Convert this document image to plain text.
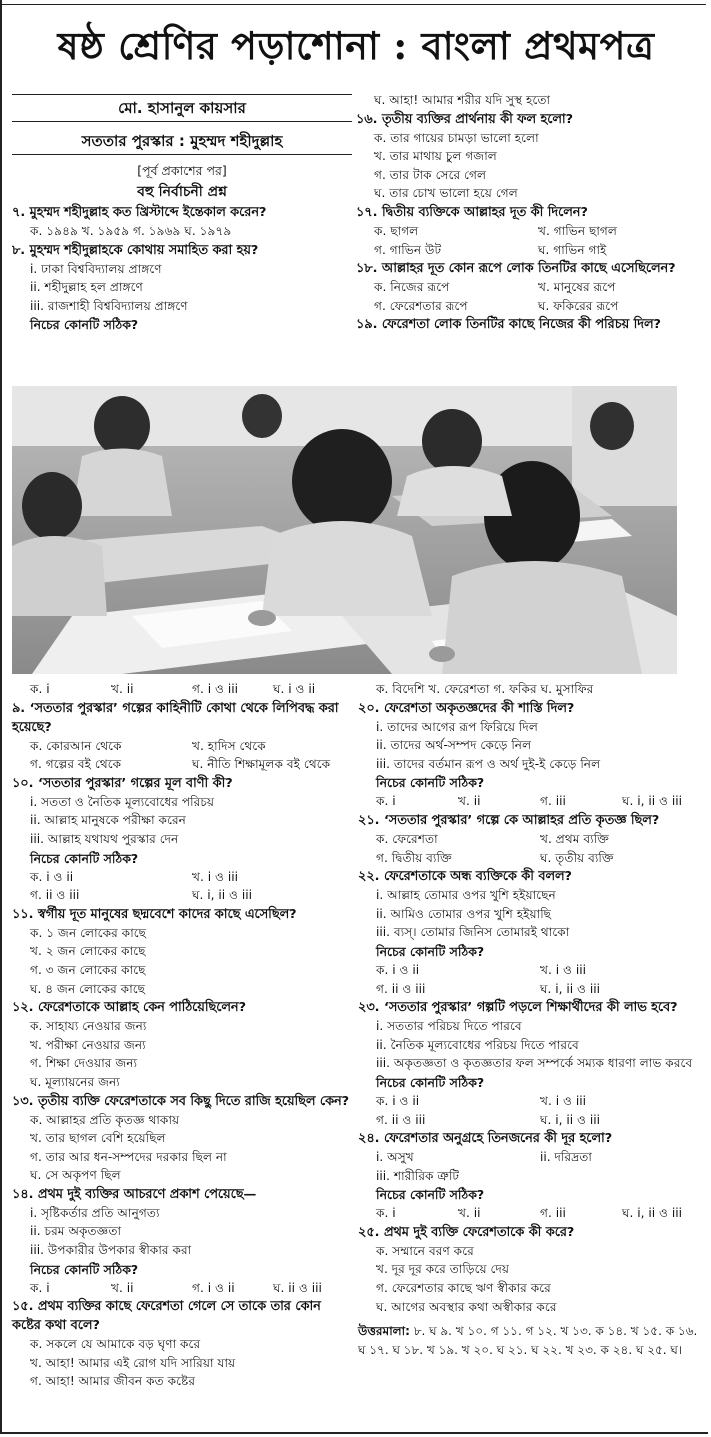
ষষ্ঠ শ্রেণির পড়াশোনা : বাংলা প্রথমপত্র
মো. হাসানুল কায়সার
সততার পুরস্কার : মুহম্মদ শহীদুল্লাহ
[পূর্ব প্রকাশের পর]
বহু নির্বাচনী প্রশ্ন
৭. মুহম্মদ শহীদুল্লাহ কত খ্রিস্টাব্দে ইন্তেকাল করেন?
ক. ১৯৪৯ খ. ১৯৫৯ গ. ১৯৬৯ ঘ. ১৯৭৯
৮. মুহম্মদ শহীদুল্লাহকে কোথায় সমাহিত করা হয়?
i. ঢাকা বিশ্ববিদ্যালয় প্রাঙ্গণে
ii. শহীদুল্লাহ হল প্রাঙ্গণে
iii. রাজশাহী বিশ্ববিদ্যালয় প্রাঙ্গণে
নিচের কোনটি সঠিক?
ঘ. আহা! আমার শরীর যদি সুস্থ হতো
১৬. তৃতীয় ব্যক্তির প্রার্থনায় কী ফল হলো?
ক. তার গায়ের চামড়া ভালো হলো
খ. তার মাথায় চুল গজাল
গ. তার টাক সেরে গেল
ঘ. তার চোখ ভালো হয়ে গেল
১৭. দ্বিতীয় ব্যক্তিকে আল্লাহর দূত কী দিলেন?
ক. ছাগল	খ. গাভিন ছাগল
গ. গাভিন উট	ঘ. গাভিন গাই
১৮. আল্লাহর দূত কোন রূপে লোক তিনটির কাছে এসেছিলেন?
ক. নিজের রূপে	খ. মানুষের রূপে
গ. ফেরেশতার রূপে	ঘ. ফকিরের রূপে
১৯. ফেরেশতা লোক তিনটির কাছে নিজের কী পরিচয় দিল?
ক. i	খ. ii	গ. i ও iii	ঘ. i ও ii
৯. ‘সততার পুরস্কার’ গল্পের কাহিনীটি কোথা থেকে লিপিবদ্ধ করা হয়েছে?
ক. কোরআন থেকে	খ. হাদিস থেকে
গ. গল্পের বই থেকে	ঘ. নীতি শিক্ষামূলক বই থেকে
১০. ‘সততার পুরস্কার’ গল্পের মূল বাণী কী?
i. সততা ও নৈতিক মূল্যবোধের পরিচয়
ii. আল্লাহ মানুষকে পরীক্ষা করেন
iii. আল্লাহ যথাযথ পুরস্কার দেন
নিচের কোনটি সঠিক?
ক. i ও ii	খ. i ও iii
গ. ii ও iii	ঘ. i, ii ও iii
১১. স্বর্গীয় দূত মানুষের ছদ্মবেশে কাদের কাছে এসেছিল?
ক. ১ জন লোকের কাছে
খ. ২ জন লোকের কাছে
গ. ৩ জন লোকের কাছে
ঘ. ৪ জন লোকের কাছে
১২. ফেরেশতাকে আল্লাহ কেন পাঠিয়েছিলেন?
ক. সাহায্য নেওয়ার জন্য
খ. পরীক্ষা নেওয়ার জন্য
গ. শিক্ষা দেওয়ার জন্য
ঘ. মূল্যায়নের জন্য
১৩. তৃতীয় ব্যক্তি ফেরেশতাকে সব কিছু দিতে রাজি হয়েছিল কেন?
ক. আল্লাহর প্রতি কৃতজ্ঞ থাকায়
খ. তার ছাগল বেশি হয়েছিল
গ. তার আর ধন-সম্পদের দরকার ছিল না
ঘ. সে অকৃপণ ছিল
১৪. প্রথম দুই ব্যক্তির আচরণে প্রকাশ পেয়েছে—
i. সৃষ্টিকর্তার প্রতি আনুগত্য
ii. চরম অকৃতজ্ঞতা
iii. উপকারীর উপকার স্বীকার করা
নিচের কোনটি সঠিক?
ক. i	খ. ii	গ. i ও ii	ঘ. ii ও iii
১৫. প্রথম ব্যক্তির কাছে ফেরেশতা গেলে সে তাকে তার কোন কষ্টের কথা বলে?
ক. সকলে যে আমাকে বড় ঘৃণা করে
খ. আহা! আমার এই রোগ যদি সারিয়া যায়
গ. আহা! আমার জীবন কত কষ্টের
ক. বিদেশি খ. ফেরেশতা গ. ফকির ঘ. মুসাফির
২০. ফেরেশতা অকৃতজ্ঞদের কী শাস্তি দিল?
i. তাদের আগের রূপ ফিরিয়ে দিল
ii. তাদের অর্থ-সম্পদ কেড়ে নিল
iii. তাদের বর্তমান রূপ ও অর্থ দুই-ই কেড়ে নিল
নিচের কোনটি সঠিক?
ক. i	খ. ii	গ. iii	ঘ. i, ii ও iii
২১. ‘সততার পুরস্কার’ গল্পে কে আল্লাহর প্রতি কৃতজ্ঞ ছিল?
ক. ফেরেশতা	খ. প্রথম ব্যক্তি
গ. দ্বিতীয় ব্যক্তি	ঘ. তৃতীয় ব্যক্তি
২২. ফেরেশতাকে অন্ধ ব্যক্তিকে কী বলল?
i. আল্লাহ তোমার ওপর খুশি হইয়াছেন
ii. আমিও তোমার ওপর খুশি হইয়াছি
iii. ব্যস্। তোমার জিনিস তোমারই থাকো
নিচের কোনটি সঠিক?
ক. i ও ii	খ. i ও iii
গ. ii ও iii	ঘ. i, ii ও iii
২৩. ‘সততার পুরস্কার’ গল্পটি পড়লে শিক্ষার্থীদের কী লাভ হবে?
i. সততার পরিচয় দিতে পারবে
ii. নৈতিক মূল্যবোধের পরিচয় দিতে পারবে
iii. অকৃতজ্ঞতা ও কৃতজ্ঞতার ফল সম্পর্কে সম্যক ধারণা লাভ করবে
নিচের কোনটি সঠিক?
ক. i ও ii	খ. i ও iii
গ. ii ও iii	ঘ. i, ii ও iii
২৪. ফেরেশতার অনুগ্রহে তিনজনের কী দূর হলো?
i. অসুখ	ii. দরিদ্রতা
iii. শারীরিক ত্রুটি
নিচের কোনটি সঠিক?
ক. i	খ. ii	গ. iii	ঘ. i, ii ও iii
২৫. প্রথম দুই ব্যক্তি ফেরেশতাকে কী করে?
ক. সম্মানে বরণ করে
খ. দূর দূর করে তাড়িয়ে দেয়
গ. ফেরেশতার কাছে ঋণ স্বীকার করে
ঘ. আগের অবস্থার কথা অস্বীকার করে
উত্তরমালা: ৮. ঘ ৯. খ ১০. গ ১১. গ ১২. খ ১৩. ক ১৪. খ ১৫. ক ১৬. ঘ ১৭. ঘ ১৮. খ ১৯. খ ২০. ঘ ২১. ঘ ২২. খ ২৩. ক ২৪. ঘ ২৫. ঘ।
